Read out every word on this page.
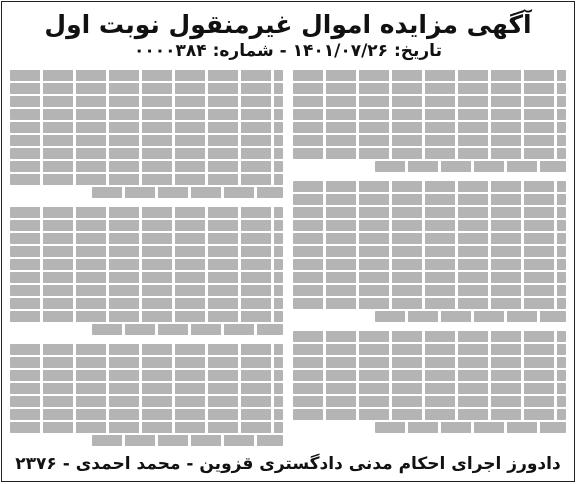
آگهی مزایده اموال غیرمنقول نوبت اول
تاریخ: ۱۴۰۱/۰۷/۲۶ - شماره: ۰۰۰۰۳۸۴

دادورز اجرای احکام مدنی دادگستری قزوین - محمد احمدی - ۲۳۷۶
